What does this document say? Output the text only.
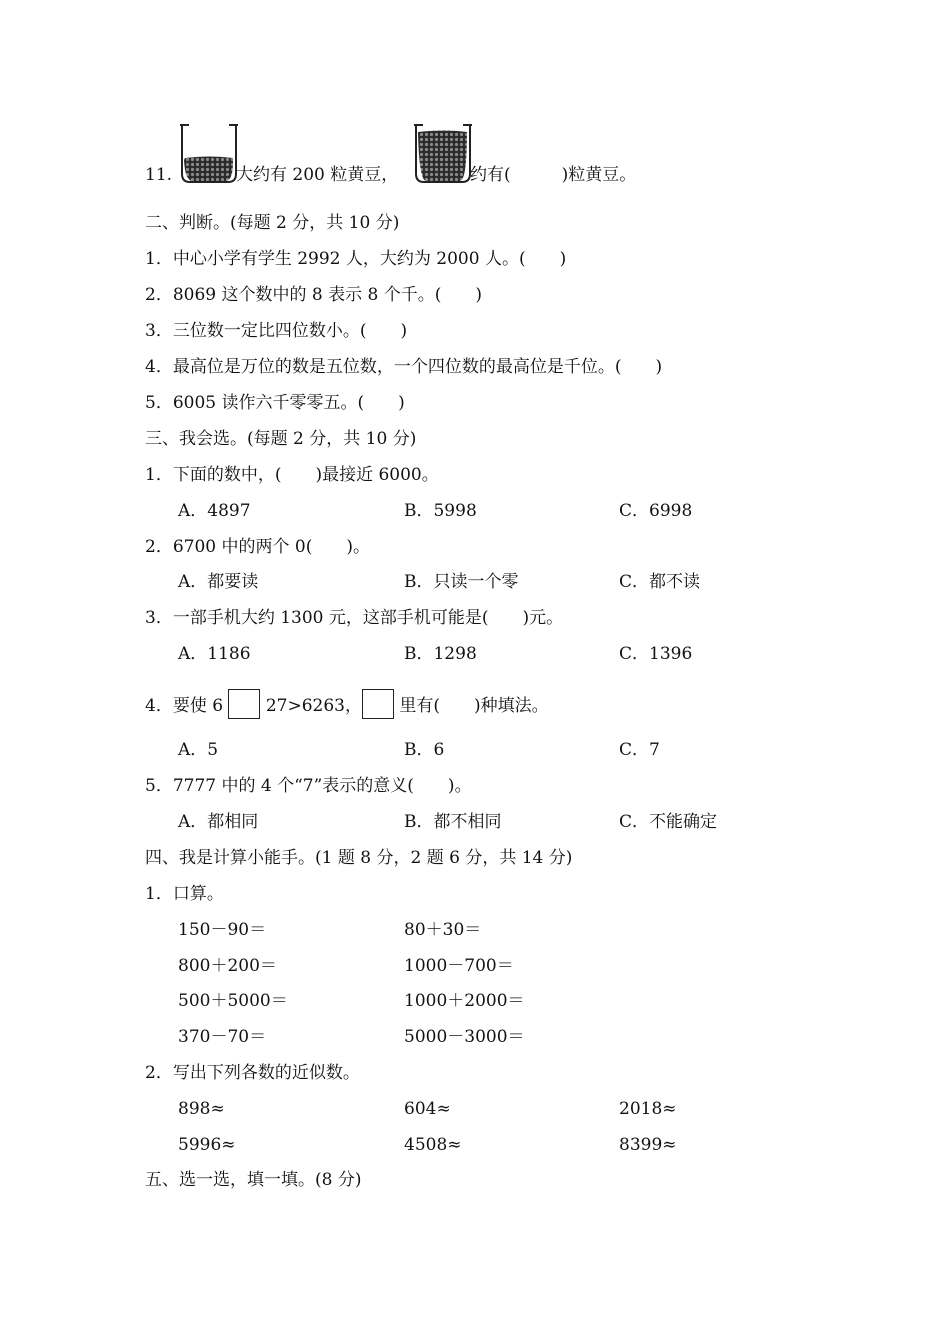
11.	大约有 200 粒黄豆，	约有(　　　)粒黄豆。
二、判断。(每题 2 分，共 10 分)
1．中心小学有学生 2992 人，大约为 2000 人。(　　)
2．8069 这个数中的 8 表示 8 个千。(　　)
3．三位数一定比四位数小。(　　)
4．最高位是万位的数是五位数，一个四位数的最高位是千位。(　　)
5．6005 读作六千零零五。(　　)
三、我会选。(每题 2 分，共 10 分)
1．下面的数中，(　　)最接近 6000。
A．4897	B．5998	C．6998
2．6700 中的两个 0(　　)。
A．都要读	B．只读一个零	C．都不读
3．一部手机大约 1300 元，这部手机可能是(　　)元。
A．1186	B．1298	C．1396
4．要使 6	27>6263， 里有(　　)种填法。
A．5	B．6	C．7
5．7777 中的 4 个“7”表示的意义(　　)。
A．都相同	B．都不相同	C．不能确定
四、我是计算小能手。(1 题 8 分，2 题 6 分，共 14 分)
1．口算。
150－90＝	80＋30＝
800＋200＝	1000－700＝
500＋5000＝	1000＋2000＝
370－70＝	5000－3000＝
2．写出下列各数的近似数。
898≈	604≈	2018≈
5996≈	4508≈	8399≈
五、选一选，填一填。(8 分)
